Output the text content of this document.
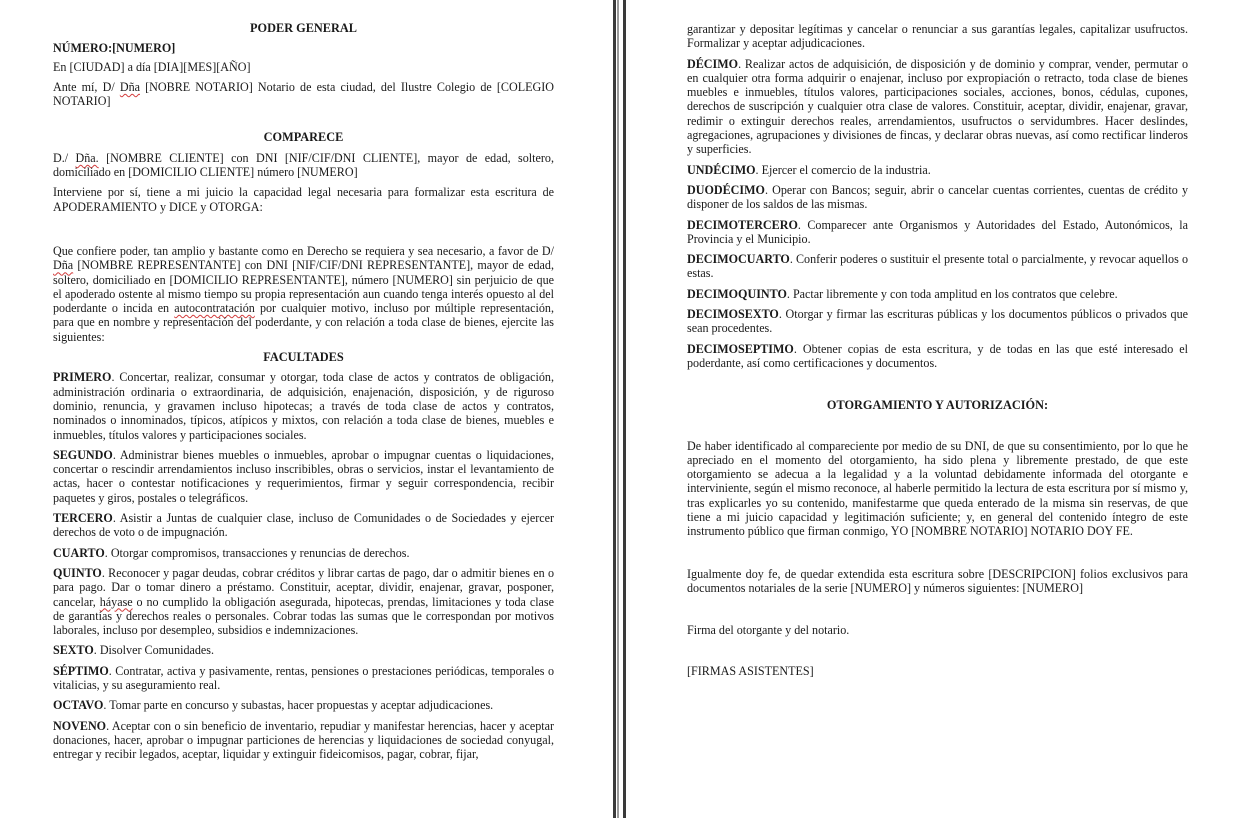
PODER GENERAL
NÚMERO:[NUMERO]
En [CIUDAD] a día [DIA][MES][AÑO]
Ante mí, D/ Dña [NOBRE NOTARIO] Notario de esta ciudad, del Ilustre Colegio de [COLEGIO NOTARIO]
COMPARECE
D./ Dña. [NOMBRE CLIENTE] con DNI [NIF/CIF/DNI CLIENTE], mayor de edad, soltero, domiciliado en [DOMICILIO CLIENTE] número [NUMERO]
Interviene por sí, tiene a mi juicio la capacidad legal necesaria para formalizar esta escritura de APODERAMIENTO y DICE y OTORGA:
Que confiere poder, tan amplio y bastante como en Derecho se requiera y sea necesario, a favor de D/ Dña [NOMBRE REPRESENTANTE] con DNI [NIF/CIF/DNI REPRESENTANTE], mayor de edad, soltero, domiciliado en [DOMICILIO REPRESENTANTE], número [NUMERO] sin perjuicio de que el apoderado ostente al mismo tiempo su propia representación aun cuando tenga interés opuesto al del poderdante o incida en autocontratación por cualquier motivo, incluso por múltiple representación, para que en nombre y representación del poderdante, y con relación a toda clase de bienes, ejercite las siguientes:
FACULTADES
PRIMERO. Concertar, realizar, consumar y otorgar, toda clase de actos y contratos de obligación, administración ordinaria o extraordinaria, de adquisición, enajenación, disposición, y de riguroso dominio, renuncia, y gravamen incluso hipotecas; a través de toda clase de actos y contratos, nominados o innominados, típicos, atípicos y mixtos, con relación a toda clase de bienes, muebles e inmuebles, títulos valores y participaciones sociales.
SEGUNDO. Administrar bienes muebles o inmuebles, aprobar o impugnar cuentas o liquidaciones, concertar o rescindir arrendamientos incluso inscribibles, obras o servicios, instar el levantamiento de actas, hacer o contestar notificaciones y requerimientos, firmar y seguir correspondencia, recibir paquetes y giros, postales o telegráficos.
TERCERO. Asistir a Juntas de cualquier clase, incluso de Comunidades o de Sociedades y ejercer derechos de voto o de impugnación.
CUARTO. Otorgar compromisos, transacciones y renuncias de derechos.
QUINTO. Reconocer y pagar deudas, cobrar créditos y librar cartas de pago, dar o admitir bienes en o para pago. Dar o tomar dinero a préstamo. Constituir, aceptar, dividir, enajenar, gravar, posponer, cancelar, háyase o no cumplido la obligación asegurada, hipotecas, prendas, limitaciones y toda clase de garantías y derechos reales o personales. Cobrar todas las sumas que le correspondan por motivos laborales, incluso por desempleo, subsidios e indemnizaciones.
SEXTO. Disolver Comunidades.
SÉPTIMO. Contratar, activa y pasivamente, rentas, pensiones o prestaciones periódicas, temporales o vitalicias, y su aseguramiento real.
OCTAVO. Tomar parte en concurso y subastas, hacer propuestas y aceptar adjudicaciones.
NOVENO. Aceptar con o sin beneficio de inventario, repudiar y manifestar herencias, hacer y aceptar donaciones, hacer, aprobar o impugnar particiones de herencias y liquidaciones de sociedad conyugal, entregar y recibir legados, aceptar, liquidar y extinguir fideicomisos, pagar, cobrar, fijar,
garantizar y depositar legítimas y cancelar o renunciar a sus garantías legales, capitalizar usufructos. Formalizar y aceptar adjudicaciones.
DÉCIMO. Realizar actos de adquisición, de disposición y de dominio y comprar, vender, permutar o en cualquier otra forma adquirir o enajenar, incluso por expropiación o retracto, toda clase de bienes muebles e inmuebles, títulos valores, participaciones sociales, acciones, bonos, cédulas, cupones, derechos de suscripción y cualquier otra clase de valores. Constituir, aceptar, dividir, enajenar, gravar, redimir o extinguir derechos reales, arrendamientos, usufructos o servidumbres. Hacer deslindes, agregaciones, agrupaciones y divisiones de fincas, y declarar obras nuevas, así como rectificar linderos y superficies.
UNDÉCIMO. Ejercer el comercio de la industria.
DUODÉCIMO. Operar con Bancos; seguir, abrir o cancelar cuentas corrientes, cuentas de crédito y disponer de los saldos de las mismas.
DECIMOTERCERO. Comparecer ante Organismos y Autoridades del Estado, Autonómicos, la Provincia y el Municipio.
DECIMOCUARTO. Conferir poderes o sustituir el presente total o parcialmente, y revocar aquellos o estas.
DECIMOQUINTO. Pactar libremente y con toda amplitud en los contratos que celebre.
DECIMOSEXTO. Otorgar y firmar las escrituras públicas y los documentos públicos o privados que sean procedentes.
DECIMOSEPTIMO. Obtener copias de esta escritura, y de todas en las que esté interesado el poderdante, así como certificaciones y documentos.
OTORGAMIENTO Y AUTORIZACIÓN:
De haber identificado al compareciente por medio de su DNI, de que su consentimiento, por lo que he apreciado en el momento del otorgamiento, ha sido plena y libremente prestado, de que este otorgamiento se adecua a la legalidad y a la voluntad debidamente informada del otorgante e interviniente, según el mismo reconoce, al haberle permitido la lectura de esta escritura por sí mismo y, tras explicarles yo su contenido, manifestarme que queda enterado de la misma sin reservas, de que tiene a mi juicio capacidad y legitimación suficiente; y, en general del contenido íntegro de este instrumento público que firman conmigo, YO [NOMBRE NOTARIO] NOTARIO DOY FE.
Igualmente doy fe, de quedar extendida esta escritura sobre [DESCRIPCION] folios exclusivos para documentos notariales de la serie [NUMERO] y números siguientes: [NUMERO]
Firma del otorgante y del notario.
[FIRMAS ASISTENTES]
